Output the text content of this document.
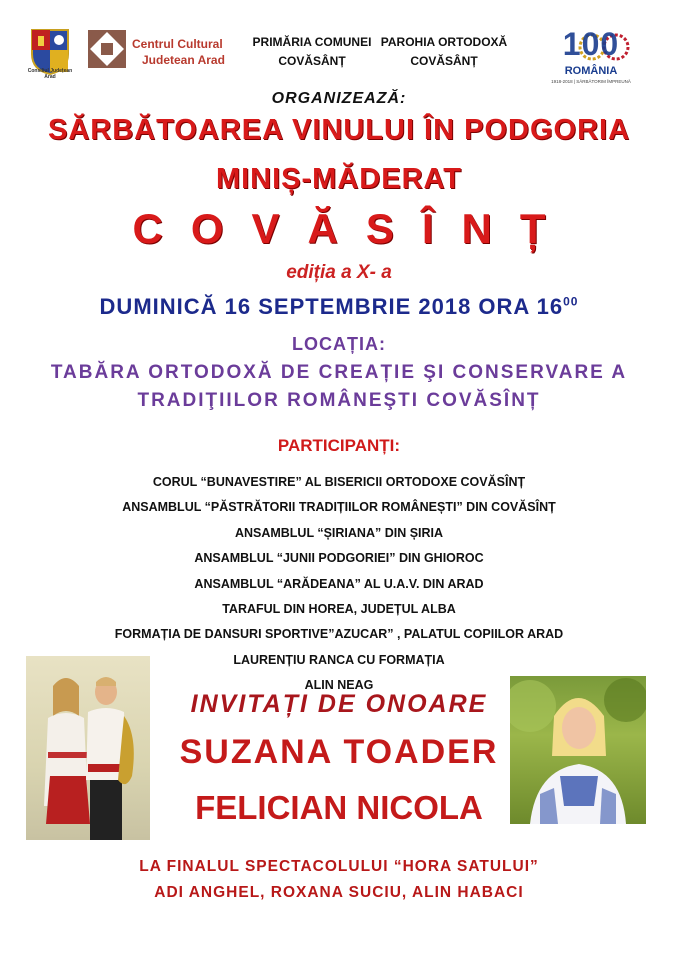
Consiliul Județean Arad
Centrul Cultural
Judetean Arad
PRIMĂRIA COMUNEI
COVĂSÂNȚ
PAROHIA ORTODOXĂ
COVĂSÂNȚ	100
ROMÂNIA
1918-2018 | SĂRBĂTORIM ÎMPREUNĂ
ORGANIZEAZĂ:
SĂRBĂTOAREA VINULUI ÎN PODGORIA
MINIȘ-MĂDERAT
COVĂSÎNȚ
ediția a X- a
DUMINICĂ 16 SEPTEMBRIE 2018 ORA $16^{00}$
LOCAȚIA:
TABĂRA ORTODOXĂ DE CREAȚIE ŞI CONSERVARE A
TRADIŢIILOR ROMÂNEŞTI COVĂSÎNȚ
PARTICIPANȚI:
CORUL “BUNAVESTIRE” AL BISERICII ORTODOXE COVĂSÎNȚ
ANSAMBLUL “PĂSTRĂTORII TRADIȚIILOR ROMÂNEȘTI” DIN COVĂSÎNȚ
ANSAMBLUL “ȘIRIANA” DIN ȘIRIA
ANSAMBLUL “JUNII PODGORIEI” DIN GHIOROC
ANSAMBLUL “ARĂDEANA” AL U.A.V. DIN ARAD
TARAFUL DIN HOREA, JUDEȚUL ALBA
FORMAȚIA DE DANSURI SPORTIVE”AZUCAR” , PALATUL COPIILOR ARAD
LAURENȚIU RANCA CU FORMAȚIA
ALIN NEAG
INVITAȚI DE ONOARE
SUZANA TOADER
FELICIAN NICOLA
LA FINALUL SPECTACOLULUI “HORA SATULUI”
ADI ANGHEL, ROXANA SUCIU, ALIN HABACI
